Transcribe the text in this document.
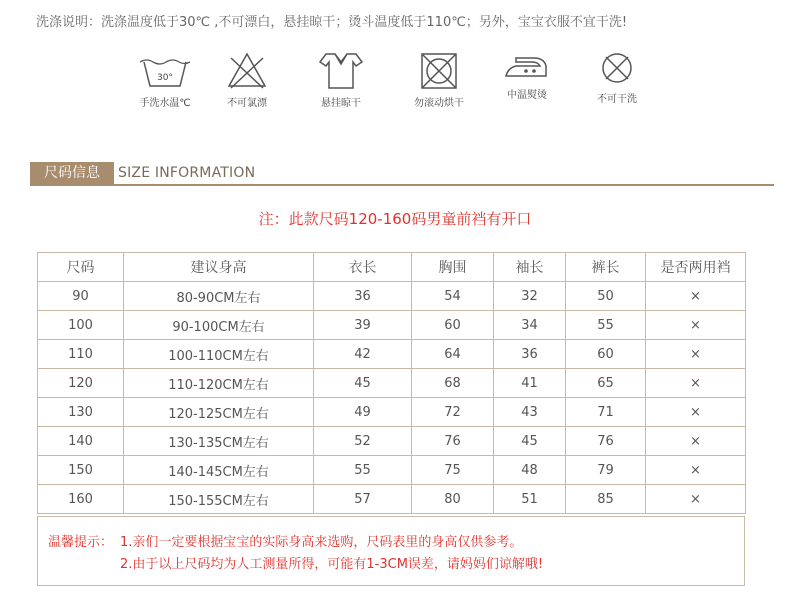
洗涤说明：洗涤温度低于30℃ ,不可漂白，悬挂晾干；烫斗温度低于110℃；另外，宝宝衣服不宜干洗!
30°
手洗水温℃	不可氯漂	悬挂晾干	勿滚动烘干
中温熨烫	不可干洗
尺码信息	SIZE INFORMATION
注：此款尺码120-160码男童前裆有开口
尺码	建议身高	衣长	胸围	袖长	裤长	是否两用裆
90	80-90CM左右	36	54	32	50	×
100	90-100CM左右	39	60	34	55	×
110	100-110CM左右	42	64	36	60	×
120	110-120CM左右	45	68	41	65	×
130	120-125CM左右	49	72	43	71	×
140	130-135CM左右	52	76	45	76	×
150	140-145CM左右	55	75	48	79	×
160	150-155CM左右	57	80	51	85	×
温馨提示： 1.亲们一定要根据宝宝的实际身高来选购，尺码表里的身高仅供参考。
2.由于以上尺码均为人工测量所得，可能有1-3CM误差，请妈妈们谅解哦!
